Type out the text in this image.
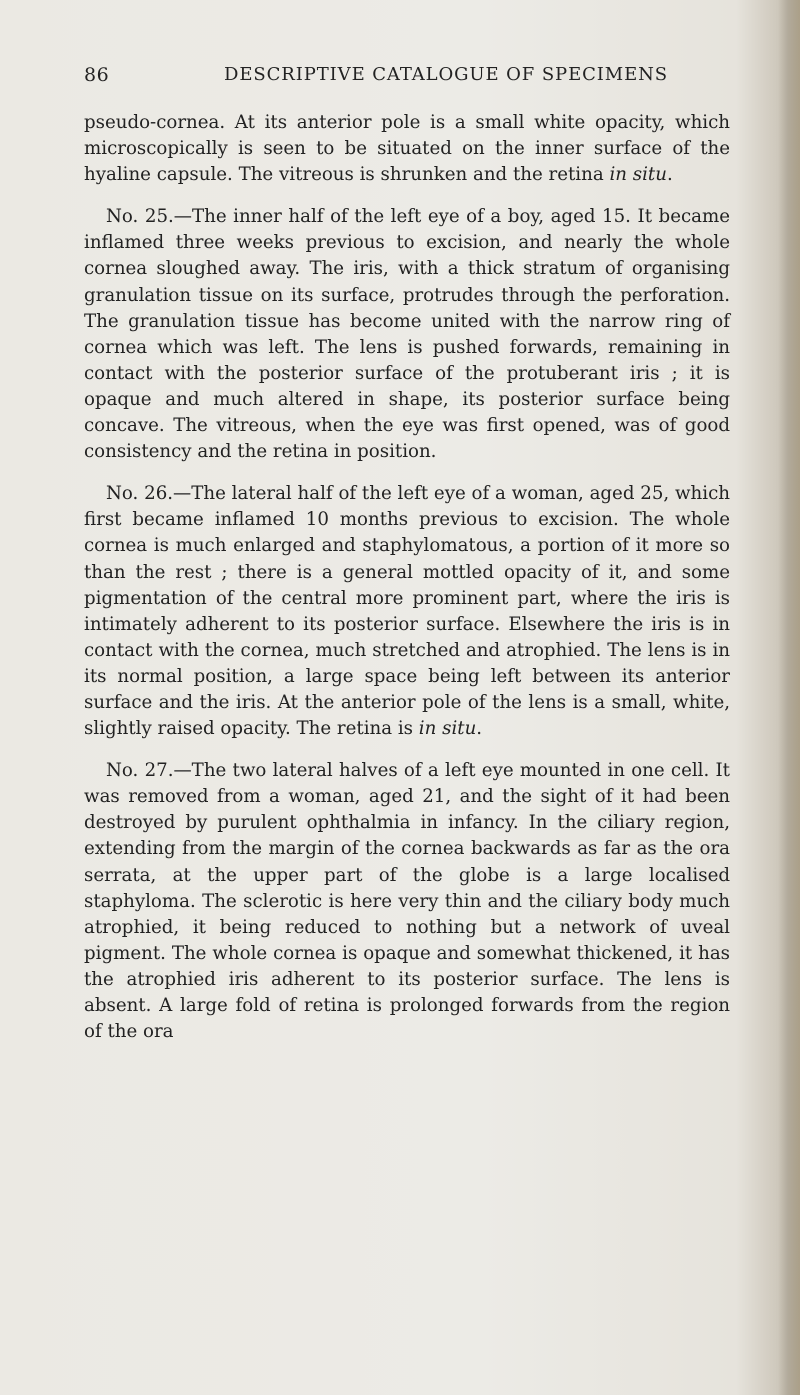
86	DESCRIPTIVE CATALOGUE OF SPECIMENS

pseudo-cornea. At its anterior pole is a small white opacity, which microscopically is seen to be situated on the inner surface of the hyaline capsule. The vitreous is shrunken and the retina in situ.

No. 25.—The inner half of the left eye of a boy, aged 15. It became inflamed three weeks previous to excision, and nearly the whole cornea sloughed away. The iris, with a thick stratum of organising granulation tissue on its surface, protrudes through the perforation. The granulation tissue has become united with the narrow ring of cornea which was left. The lens is pushed forwards, remaining in contact with the posterior surface of the protuberant iris ; it is opaque and much altered in shape, its posterior surface being concave. The vitreous, when the eye was first opened, was of good consistency and the retina in position.

No. 26.—The lateral half of the left eye of a woman, aged 25, which first became inflamed 10 months previous to excision. The whole cornea is much enlarged and staphylomatous, a portion of it more so than the rest ; there is a general mottled opacity of it, and some pigmentation of the central more prominent part, where the iris is intimately adherent to its posterior surface. Elsewhere the iris is in contact with the cornea, much stretched and atrophied. The lens is in its normal position, a large space being left between its anterior surface and the iris. At the anterior pole of the lens is a small, white, slightly raised opacity. The retina is in situ.

No. 27.—The two lateral halves of a left eye mounted in one cell. It was removed from a woman, aged 21, and the sight of it had been destroyed by purulent ophthalmia in infancy. In the ciliary region, extending from the margin of the cornea backwards as far as the ora serrata, at the upper part of the globe is a large localised staphyloma. The sclerotic is here very thin and the ciliary body much atrophied, it being reduced to nothing but a network of uveal pigment. The whole cornea is opaque and somewhat thickened, it has the atrophied iris adherent to its posterior surface. The lens is absent. A large fold of retina is prolonged forwards from the region of the ora
